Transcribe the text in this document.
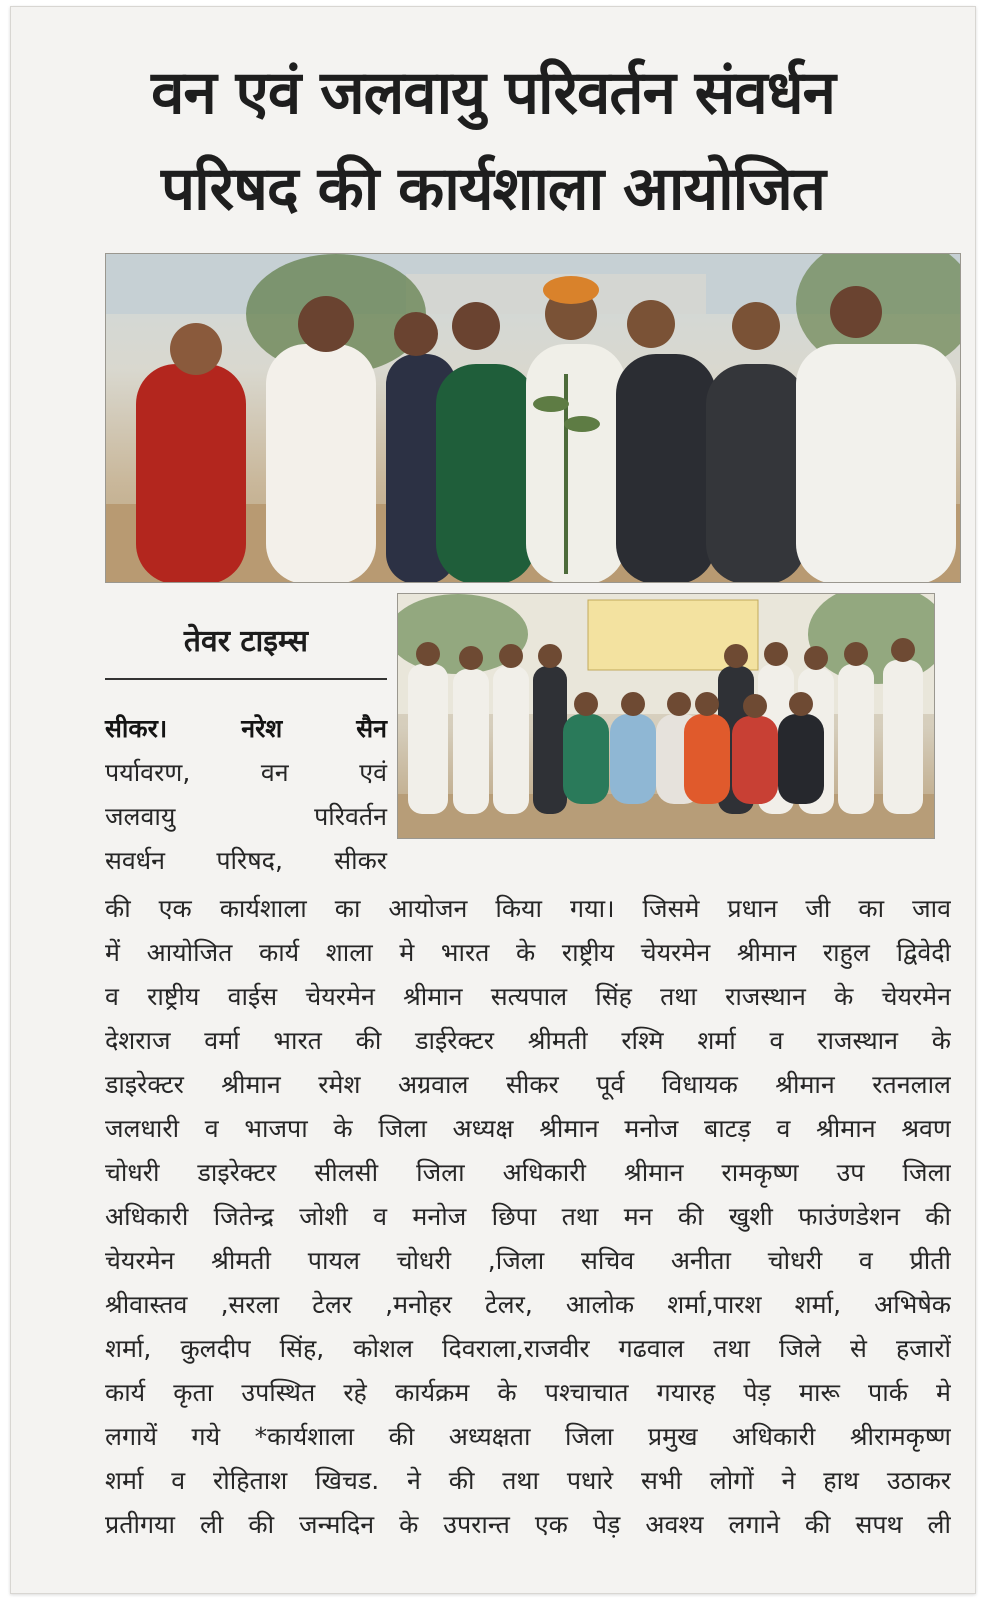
वन एवं जलवायु परिवर्तन संवर्धन
परिषद की कार्यशाला आयोजित
तेवर टाइम्स
सीकर। नरेश सैन
पर्यावरण, वन एवं
जलवायु परिवर्तन
सवर्धन परिषद, सीकर
की एक कार्यशाला का आयोजन किया गया। जिसमे प्रधान जी का जाव
में आयोजित कार्य शाला मे भारत के राष्ट्रीय चेयरमेन श्रीमान राहुल द्विवेदी
व राष्ट्रीय वाईस चेयरमेन श्रीमान सत्यपाल सिंह तथा राजस्थान के चेयरमेन
देशराज वर्मा भारत की डाईरेक्टर श्रीमती रश्मि शर्मा व राजस्थान के
डाइरेक्टर श्रीमान रमेश अग्रवाल सीकर पूर्व विधायक श्रीमान रतनलाल
जलधारी व भाजपा के जिला अध्यक्ष श्रीमान मनोज बाटड़ व श्रीमान श्रवण
चोधरी डाइरेक्टर सीलसी जिला अधिकारी श्रीमान रामकृष्ण उप जिला
अधिकारी जितेन्द्र जोशी व मनोज छिपा तथा मन की खुशी फाउंणडेशन की
चेयरमेन श्रीमती पायल चोधरी ,जिला सचिव अनीता चोधरी व प्रीती
श्रीवास्तव ,सरला टेलर ,मनोहर टेलर, आलोक शर्मा,पारश शर्मा, अभिषेक
शर्मा, कुलदीप सिंह, कोशल दिवराला,राजवीर गढवाल तथा जिले से हजारों
कार्य कृता उपस्थित रहे कार्यक्रम के पश्चाचात गयारह पेड़ मारू पार्क मे
लगायें गये *कार्यशाला की अध्यक्षता जिला प्रमुख अधिकारी श्रीरामकृष्ण
शर्मा व रोहिताश खिचड. ने की तथा पधारे सभी लोगों ने हाथ उठाकर
प्रतीगया ली की जन्मदिन के उपरान्त एक पेड़ अवश्य लगाने की सपथ ली
